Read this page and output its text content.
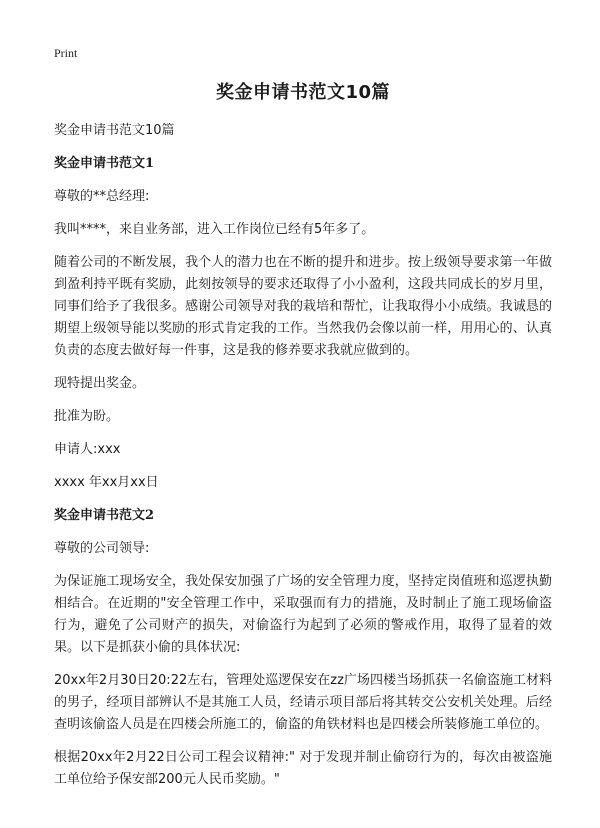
Print
奖金申请书范文10篇
奖金申请书范文10篇
奖金申请书范文1
尊敬的**总经理:
我叫****，来自业务部，进入工作岗位已经有5年多了。
随着公司的不断发展，我个人的潜力也在不断的提升和进步。按上级领导要求第一年做到盈利持平既有奖励，此刻按领导的要求还取得了小小盈利，这段共同成长的岁月里，同事们给予了我很多。感谢公司领导对我的栽培和帮忙，让我取得小小成绩。我诚恳的期望上级领导能以奖励的形式肯定我的工作。当然我仍会像以前一样，用用心的、认真负责的态度去做好每一件事，这是我的修养要求我就应做到的。
现特提出奖金。
批准为盼。
申请人:xxx
xxxx 年xx月xx日
奖金申请书范文2
尊敬的公司领导:
为保证施工现场安全，我处保安加强了广场的安全管理力度，坚持定岗值班和巡逻执勤相结合。在近期的"安全管理工作中，采取强而有力的措施，及时制止了施工现场偷盗行为，避免了公司财产的损失，对偷盗行为起到了必须的警戒作用，取得了显着的效果。以下是抓获小偷的具体状况:
20xx年2月30日20:22左右，管理处巡逻保安在zz广场四楼当场抓获一名偷盗施工材料的男子，经项目部辨认不是其施工人员，经请示项目部后将其转交公安机关处理。后经查明该偷盗人员是在四楼会所施工的，偷盗的角铁材料也是四楼会所装修施工单位的。
根据20xx年2月22日公司工程会议精神:" 对于发现并制止偷窃行为的，每次由被盗施工单位给予保安部200元人民币奖励。"
